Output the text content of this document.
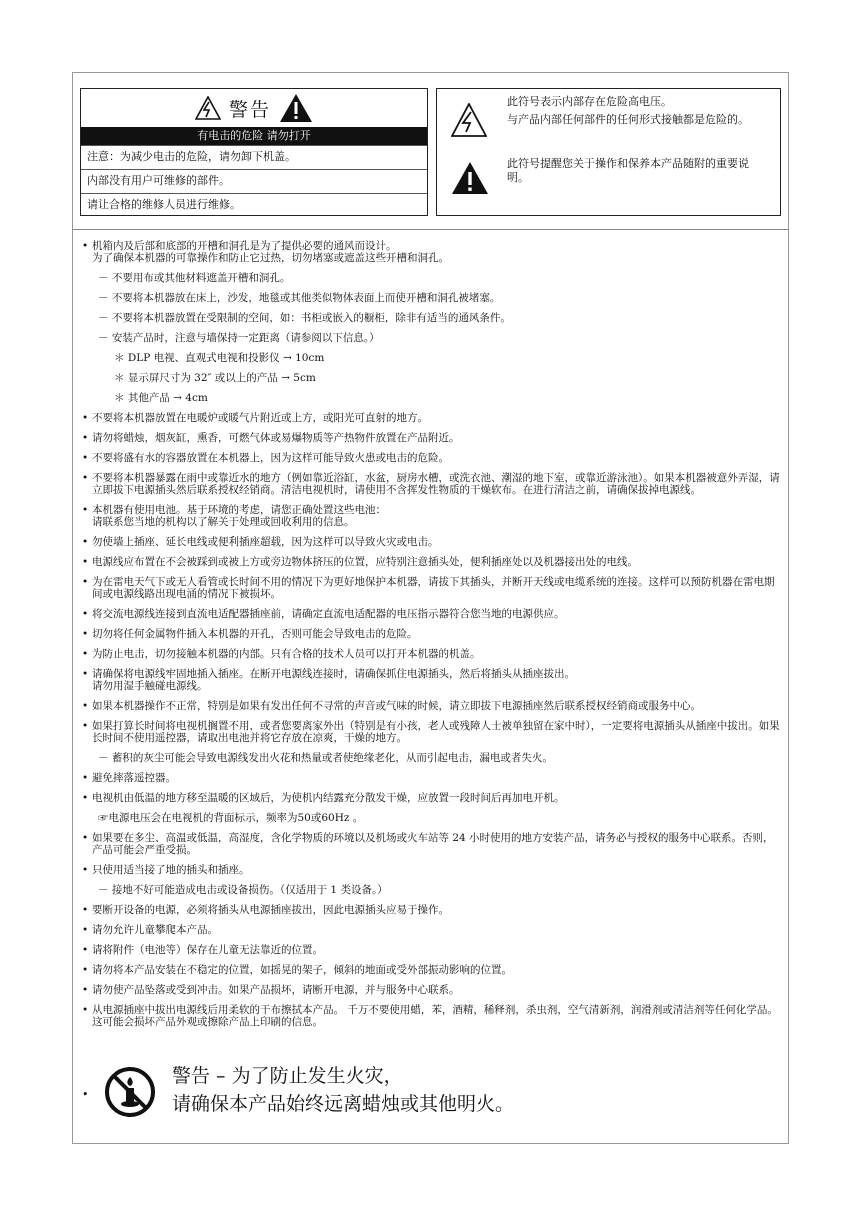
警告
有电击的危险 请勿打开
注意：为减少电击的危险，请勿卸下机盖。
内部没有用户可维修的部件。
请让合格的维修人员进行维修。
此符号表示内部存在危险高电压。
与产品内部任何部件的任何形式接触都是危险的。
此符号提醒您关于操作和保养本产品随附的重要说明。
• 机箱内及后部和底部的开槽和洞孔是为了提供必要的通风而设计。
为了确保本机器的可靠操作和防止它过热，切勿堵塞或遮盖这些开槽和洞孔。
－ 不要用布或其他材料遮盖开槽和洞孔。
－ 不要将本机器放在床上，沙发，地毯或其他类似物体表面上而使开槽和洞孔被堵塞。
－ 不要将本机器放置在受限制的空间，如：书柜或嵌入的橱柜，除非有适当的通风条件。
－ 安装产品时，注意与墙保持一定距离（请参阅以下信息。）
＊ DLP 电视、直观式电视和投影仪 → 10cm
＊ 显示屏尺寸为 32″ 或以上的产品 → 5cm
＊ 其他产品 → 4cm
• 不要将本机器放置在电暖炉或暖气片附近或上方，或阳光可直射的地方。
• 请勿将蜡烛，烟灰缸，熏香，可燃气体或易爆物质等产热物件放置在产品附近。
• 不要将盛有水的容器放置在本机器上，因为这样可能导致火患或电击的危险。
• 不要将本机器暴露在雨中或靠近水的地方（例如靠近浴缸，水盆，厨房水槽，或洗衣池、潮湿的地下室，或靠近游泳池）。如果本机器被意外弄湿，请立即拔下电源插头然后联系授权经销商。清洁电视机时，请使用不含挥发性物质的干燥软布。在进行清洁之前，请确保拔掉电源线。
• 本机器有使用电池。基于环境的考虑，请您正确处置这些电池：
请联系您当地的机构以了解关于处理或回收利用的信息。
• 勿使墙上插座、延长电线或便利插座超载，因为这样可以导致火灾或电击。
• 电源线应布置在不会被踩到或被上方或旁边物体挤压的位置，应特别注意插头处，便利插座处以及机器接出处的电线。
• 为在雷电天气下或无人看管或长时间不用的情况下为更好地保护本机器，请拔下其插头，并断开天线或电缆系统的连接。这样可以预防机器在雷电期间或电源线路出现电涌的情况下被损坏。
• 将交流电源线连接到直流电适配器插座前，请确定直流电适配器的电压指示器符合您当地的电源供应。
• 切勿将任何金属物件插入本机器的开孔，否则可能会导致电击的危险。
• 为防止电击，切勿接触本机器的内部。只有合格的技术人员可以打开本机器的机盖。
• 请确保将电源线牢固地插入插座。在断开电源线连接时，请确保抓住电源插头，然后将插头从插座拔出。
请勿用湿手触碰电源线。
• 如果本机器操作不正常，特别是如果有发出任何不寻常的声音或气味的时候，请立即拔下电源插座然后联系授权经销商或服务中心。
• 如果打算长时间将电视机搁置不用，或者您要离家外出（特别是有小孩，老人或残障人士被单独留在家中时），一定要将电源插头从插座中拔出。如果长时间不使用遥控器，请取出电池并将它存放在凉爽，干燥的地方。
－ 蓄积的灰尘可能会导致电源线发出火花和热量或者使绝缘老化，从而引起电击，漏电或者失火。
• 避免摔落遥控器。
• 电视机由低温的地方移至温暖的区域后，为使机内结露充分散发干燥，应放置一段时间后再加电开机。
☞电源电压会在电视机的背面标示，频率为50或60Hz 。
• 如果要在多尘、高温或低温，高湿度，含化学物质的环境以及机场或火车站等 24 小时使用的地方安装产品，请务必与授权的服务中心联系。否则，产品可能会严重受损。
• 只使用适当接了地的插头和插座。
－ 接地不好可能造成电击或设备损伤。（仅适用于 1 类设备。）
• 要断开设备的电源，必须将插头从电源插座拔出，因此电源插头应易于操作。
• 请勿允许儿童攀爬本产品。
• 请将附件（电池等）保存在儿童无法靠近的位置。
• 请勿将本产品安装在不稳定的位置，如摇晃的架子，倾斜的地面或受外部振动影响的位置。
• 请勿使产品坠落或受到冲击。如果产品损坏，请断开电源，并与服务中心联系。
• 从电源插座中拔出电源线后用柔软的干布擦拭本产品。 千万不要使用蜡，苯，酒精，稀释剂，杀虫剂，空气清新剂，润滑剂或清洁剂等任何化学品。 这可能会损坏产品外观或擦除产品上印刷的信息。
•
警告 – 为了防止发生火灾，
请确保本产品始终远离蜡烛或其他明火。
